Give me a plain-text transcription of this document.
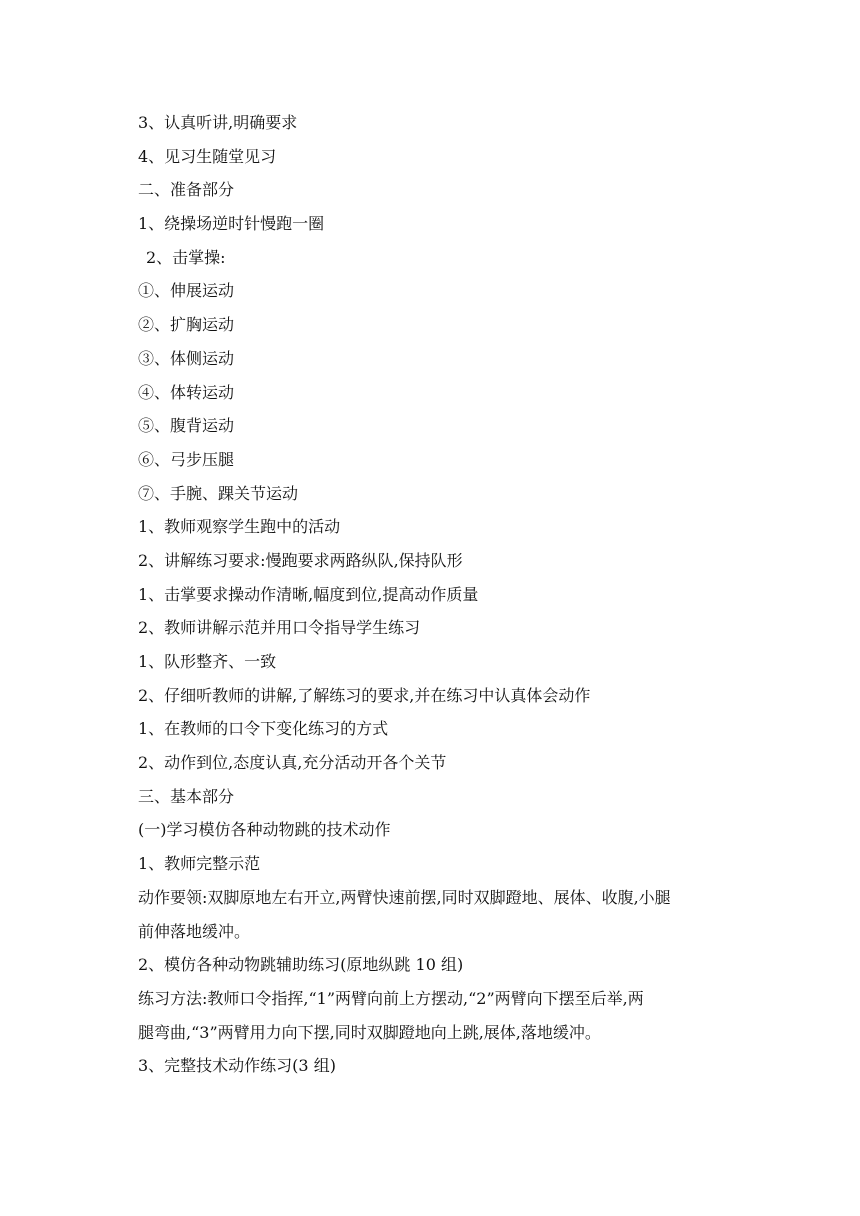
3、认真听讲,明确要求

4、见习生随堂见习

二、准备部分

1、绕操场逆时针慢跑一圈

2、击掌操:

①、伸展运动

②、扩胸运动

③、体侧运动

④、体转运动

⑤、腹背运动

⑥、弓步压腿

⑦、手腕、踝关节运动

1、教师观察学生跑中的活动

2、讲解练习要求:慢跑要求两路纵队,保持队形

1、击掌要求操动作清晰,幅度到位,提高动作质量

2、教师讲解示范并用口令指导学生练习

1、队形整齐、一致

2、仔细听教师的讲解,了解练习的要求,并在练习中认真体会动作

1、在教师的口令下变化练习的方式

2、动作到位,态度认真,充分活动开各个关节

三、基本部分

(一)学习模仿各种动物跳的技术动作

1、教师完整示范

动作要领:双脚原地左右开立,两臂快速前摆,同时双脚蹬地、展体、收腹,小腿

前伸落地缓冲。

2、模仿各种动物跳辅助练习(原地纵跳 10 组)

练习方法:教师口令指挥,“1”两臂向前上方摆动,“2”两臂向下摆至后举,两

腿弯曲,“3”两臂用力向下摆,同时双脚蹬地向上跳,展体,落地缓冲。

3、完整技术动作练习(3 组)
